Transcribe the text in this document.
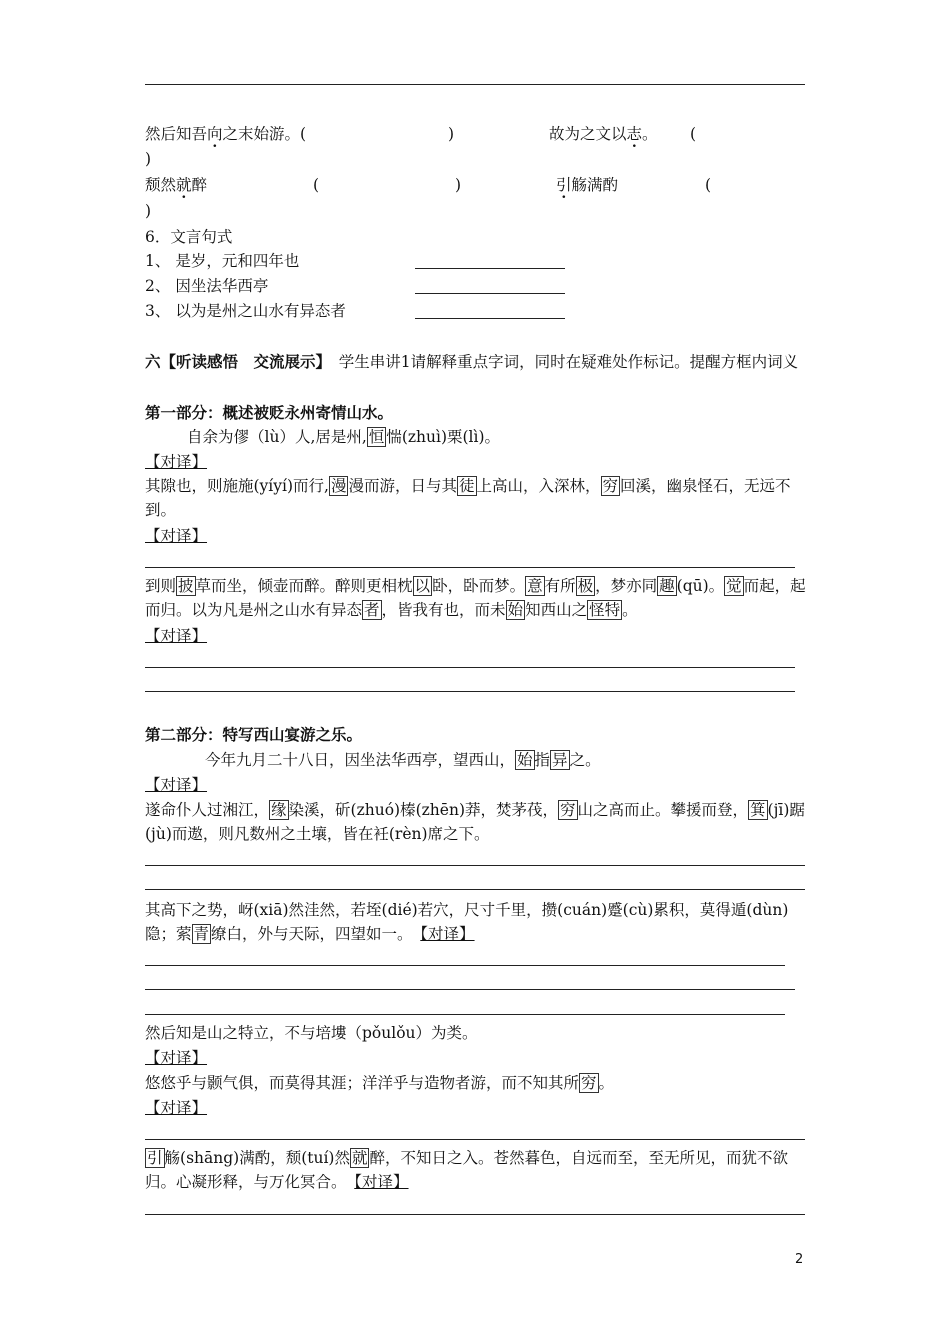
然后知吾向之末始游。(	)	故为之文以志。 (
)
颓然就醉	(	)	引觞满酌	(
)
6．文言句式
1、 是岁，元和四年也
2、 因坐法华西亭
3、 以为是州之山水有异态者
六【听读感悟　交流展示】　学生串讲1请解释重点字词，同时在疑难处作标记。提醒方框内词义
第一部分：概述被贬永州寄情山水。
自余为僇（lù）人,居是州, 恒 惴(zhuì)栗(lì)。
【对译】
其隙也，则施施(yíyí)而行, 漫 漫而游，日与其 徒 上高山，入深林， 穷 回溪，幽泉怪石，无远不到。
【对译】
到则 披 草而坐，倾壶而醉。醉则更相枕 以 卧，卧而梦。 意 有所 极 ，梦亦同 趣 (qū)。 觉 而起，起而归。以为凡是州之山水有异态 者 ，皆我有也，而未 始 知西山之 怪特 。
【对译】
第二部分：特写西山宴游之乐。
今年九月二十八日，因坐法华西亭，望西山， 始 指 异 之。
【对译】
遂命仆人过湘江， 缘 染溪，斫(zhuó)榛(zhēn)莽，焚茅茷， 穷 山之高而止。攀援而登， 箕 (jī)踞　　　　(jù)而遨，则凡数州之土壤，皆在衽(rèn)席之下。
其高下之势，岈(xiā)然洼然，若垤(dié)若穴，尺寸千里，攒(cuán)蹙(cù)累积，莫得遁(dùn)隐；萦 青 缭白，外与天际，四望如一。　【对译】
然后知是山之特立，不与培塿（pǒulǒu）为类。
【对译】
悠悠乎与颢气俱，而莫得其涯；洋洋乎与造物者游，而不知其所 穷 。
【对译】
引 觞(shāng)满酌，颓(tuí)然 就 醉，不知日之入。苍然暮色，自远而至，至无所见，而犹不欲归。心凝形释，与万化冥合。　【对译】
2
